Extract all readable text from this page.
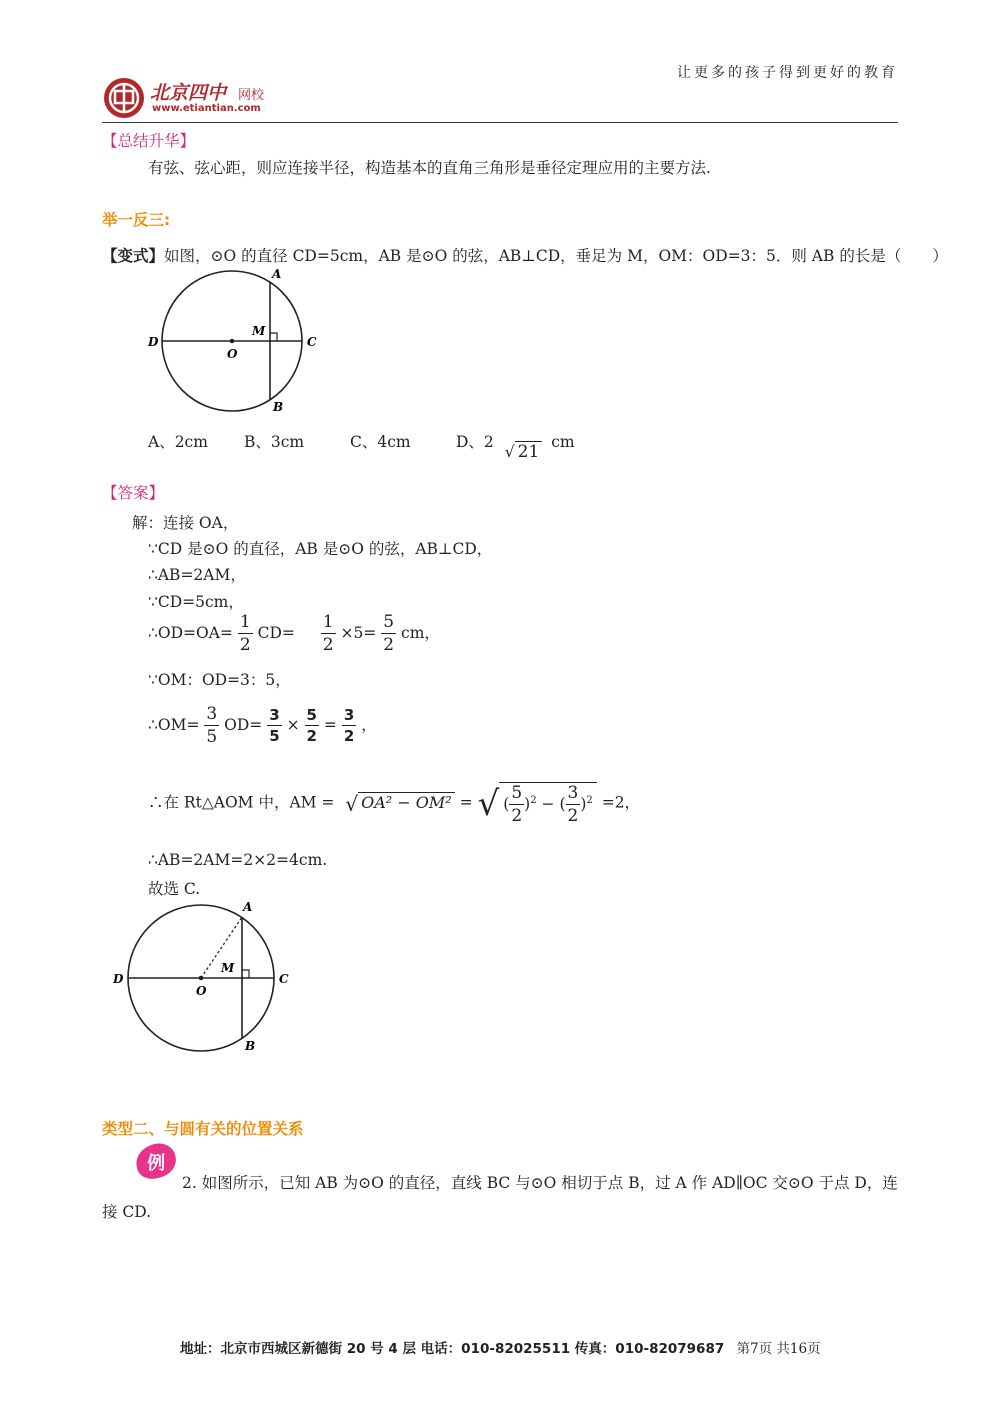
让更多的孩子得到更好的教育
北京四中 网校
www.etiantian.com
【总结升华】
有弦、弦心距，则应连接半径，构造基本的直角三角形是垂径定理应用的主要方法.
举一反三:
【变式】如图，⊙O 的直径 CD=5cm，AB 是⊙O 的弦，AB⊥CD，垂足为 M，OM：OD=3：5．则 AB 的长是（　　）
A
B
C
D
M
O
A、2cm B、3cm	C、4cm	D、2 √ 21 cm
【答案】
解：连接 OA，
∵CD 是⊙O 的直径，AB 是⊙O 的弦，AB⊥CD，
∴AB=2AM，
∵CD=5cm，
∴OD=OA= $\frac{1}{2} CD= \frac{1}{2} \times 5= \frac{5}{2}$ cm，
∵OM：OD=3：5，
∴OM= $\frac{3}{5} OD= \frac{3}{5} \times \frac{5}{2} = \frac{3}{2}$ ，
∴在 Rt△AOM 中，AM = √ OA² − OM² = √ ( $\frac{5}{2} )^2$ − ( $\frac{3}{2} )^2 =2$，
∴AB=2AM=2×2=4cm.
故选 C.
A
B
C
D
M
O
类型二、与圆有关的位置关系
例
2. 如图所示，已知 AB 为⊙O 的直径，直线 BC 与⊙O 相切于点 B，过 A 作 AD∥OC 交⊙O 于点 D，连
接 CD.
地址：北京市西城区新德街 20 号 4 层 电话：010-82025511 传真：010-82079687 第7页 共16页
